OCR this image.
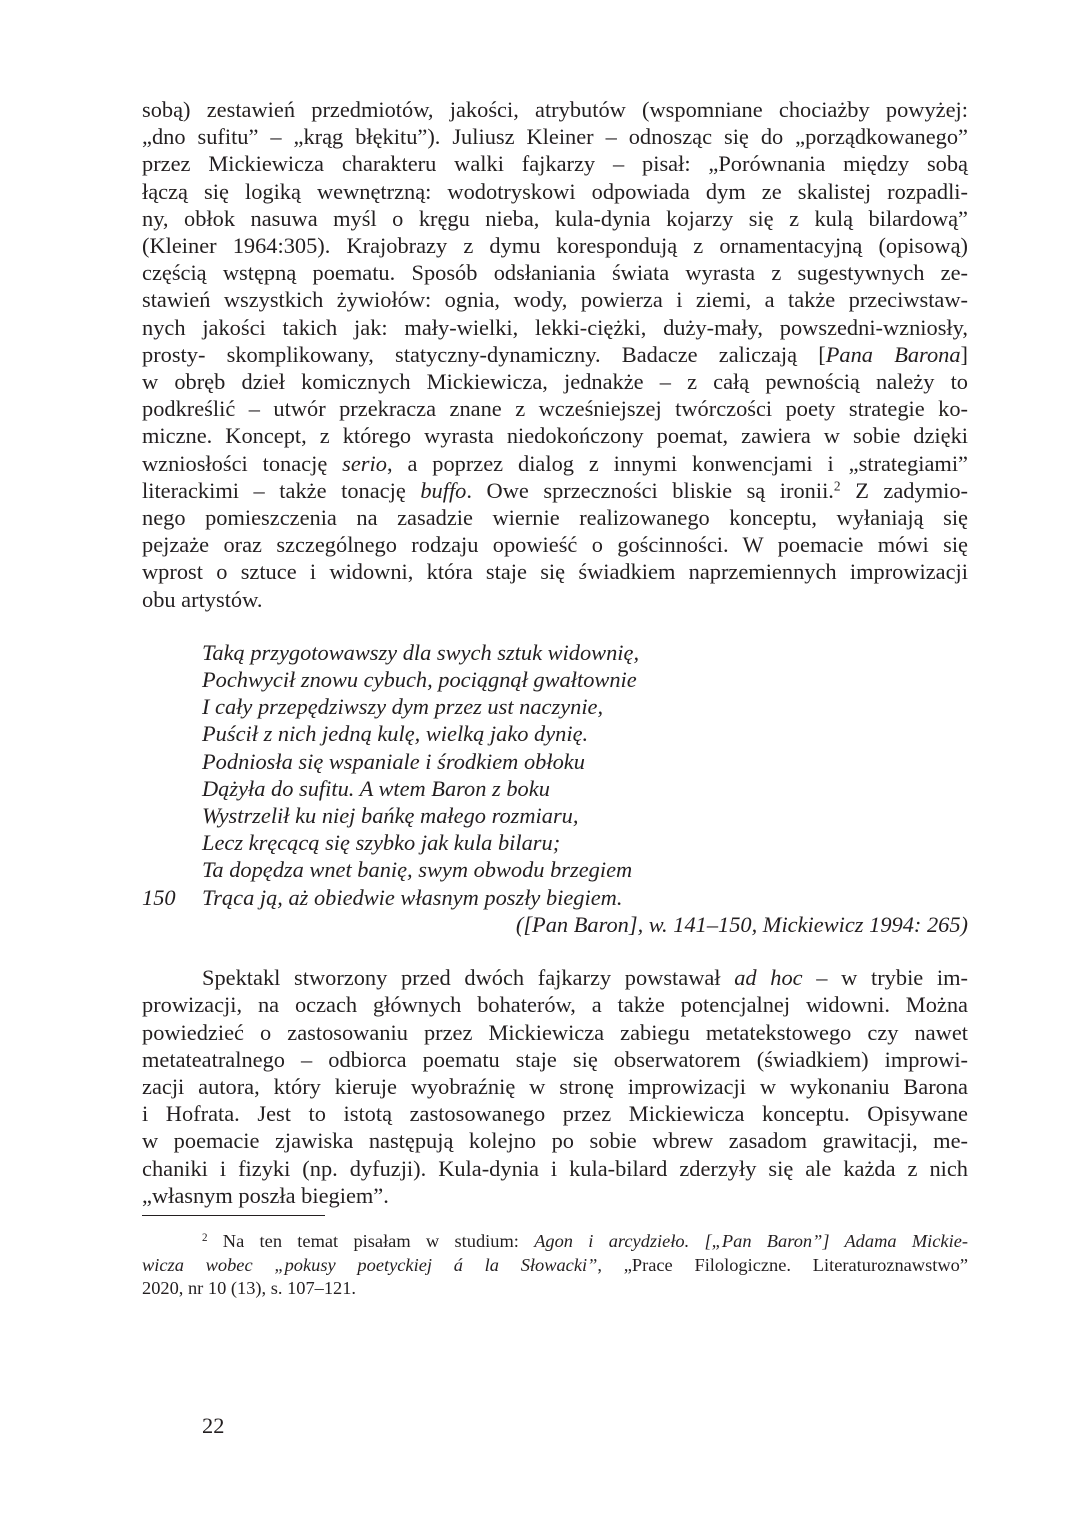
sobą) zestawień przedmiotów, jakości, atrybutów (wspomniane chociażby powyżej:
„dno sufitu” – „krąg błękitu”). Juliusz Kleiner – odnosząc się do „porządkowanego”
przez Mickiewicza charakteru walki fajkarzy – pisał: „Porównania między sobą
łączą się logiką wewnętrzną: wodotryskowi odpowiada dym ze skalistej rozpadli-
ny, obłok nasuwa myśl o kręgu nieba, kula-dynia kojarzy się z kulą bilardową”
(Kleiner 1964:305). Krajobrazy z dymu korespondują z ornamentacyjną (opisową)
częścią wstępną poematu. Sposób odsłaniania świata wyrasta z sugestywnych ze-
stawień wszystkich żywiołów: ognia, wody, powierza i ziemi, a także przeciwstaw-
nych jakości takich jak: mały-wielki, lekki-ciężki, duży-mały, powszedni-wzniosły,
prosty- skomplikowany, statyczny-dynamiczny. Badacze zaliczają [Pana Barona]
w obręb dzieł komicznych Mickiewicza, jednakże – z całą pewnością należy to
podkreślić – utwór przekracza znane z wcześniejszej twórczości poety strategie ko-
miczne. Koncept, z którego wyrasta niedokończony poemat, zawiera w sobie dzięki
wzniosłości tonację serio, a poprzez dialog z innymi konwencjami i „strategiami”
literackimi – także tonację buffo. Owe sprzeczności bliskie są ironii.$^2$ Z zadymio-
nego pomieszczenia na zasadzie wiernie realizowanego konceptu, wyłaniają się
pejzaże oraz szczególnego rodzaju opowieść o gościnności. W poemacie mówi się
wprost o sztuce i widowni, która staje się świadkiem naprzemiennych improwizacji
obu artystów.
Taką przygotowawszy dla swych sztuk widownię,
Pochwycił znowu cybuch, pociągnął gwałtownie
I cały przepędziwszy dym przez ust naczynie,
Puścił z nich jedną kulę, wielką jako dynię.
Podniosła się wspaniale i środkiem obłoku
Dążyła do sufitu. A wtem Baron z boku
Wystrzelił ku niej bańkę małego rozmiaru,
Lecz kręcącą się szybko jak kula bilaru;
Ta dopędza wnet banię, swym obwodu brzegiem
150 Trąca ją, aż obiedwie własnym poszły biegiem.
([Pan Baron], w. 141–150, Mickiewicz 1994: 265)
Spektakl stworzony przed dwóch fajkarzy powstawał ad hoc – w trybie im-
prowizacji, na oczach głównych bohaterów, a także potencjalnej widowni. Można
powiedzieć o zastosowaniu przez Mickiewicza zabiegu metatekstowego czy nawet
metateatralnego – odbiorca poematu staje się obserwatorem (świadkiem) improwi-
zacji autora, który kieruje wyobraźnię w stronę improwizacji w wykonaniu Barona
i Hofrata. Jest to istotą zastosowanego przez Mickiewicza konceptu. Opisywane
w poemacie zjawiska następują kolejno po sobie wbrew zasadom grawitacji, me-
chaniki i fizyki (np. dyfuzji). Kula-dynia i kula-bilard zderzyły się ale każda z nich
„własnym poszła biegiem”.
$^2$ Na ten temat pisałam w studium: Agon i arcydzieło. [„Pan Baron”] Adama Mickie-
wicza wobec „pokusy poetyckiej á la Słowacki”, „Prace Filologiczne. Literaturoznawstwo”
2020, nr 10 (13), s. 107–121.
22
